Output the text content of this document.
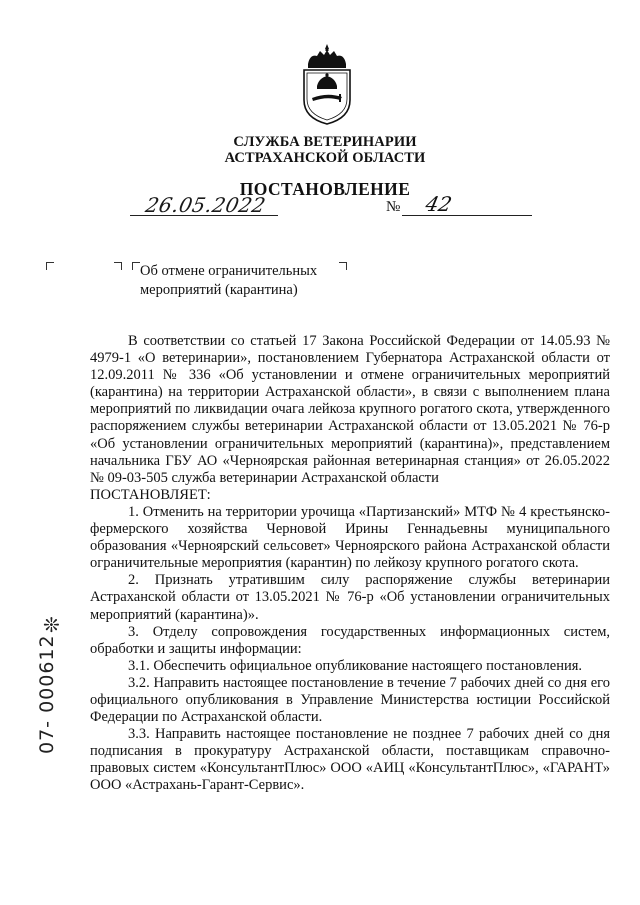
СЛУЖБА ВЕТЕРИНАРИИ
АСТРАХАНСКОЙ ОБЛАСТИ
ПОСТАНОВЛЕНИЕ
26.05.2022	№ 42
Об отмене ограничительных
мероприятий (карантина)

В соответствии со статьей 17 Закона Российской Федерации от 14.05.93 № 4979-1 «О ветеринарии», постановлением Губернатора Астраханской области от 12.09.2011 № 336 «Об установлении и отмене ограничительных мероприятий (карантина) на территории Астраханской области», в связи с выполнением плана мероприятий по ликвидации очага лейкоза крупного рогатого скота, утвержденного распоряжением службы ветеринарии Астраханской области от 13.05.2021 № 76-р «Об установлении ограничительных мероприятий (карантина)», представлением начальника ГБУ АО «Черноярская районная ветеринарная станция» от 26.05.2022 № 09-03-505 служба ветеринарии Астраханской области

ПОСТАНОВЛЯЕТ:

1. Отменить на территории урочища «Партизанский» МТФ № 4 крестьянско-фермерского хозяйства Черновой Ирины Геннадьевны муниципального образования «Черноярский сельсовет» Черноярского района Астраханской области ограничительные мероприятия (карантин) по лейкозу крупного рогатого скота.

2. Признать утратившим силу распоряжение службы ветеринарии Астраханской области от 13.05.2021 № 76-р «Об установлении ограничительных мероприятий (карантина)».

3. Отделу сопровождения государственных информационных систем, обработки и защиты информации:

3.1. Обеспечить официальное опубликование настоящего постановления.

3.2. Направить настоящее постановление в течение 7 рабочих дней со дня его официального опубликования в Управление Министерства юстиции Российской Федерации по Астраханской области.

3.3. Направить настоящее постановление не позднее 7 рабочих дней со дня подписания в прокуратуру Астраханской области, поставщикам справочно-правовых систем «КонсультантПлюс» ООО «АИЦ «КонсультантПлюс», «ГАРАНТ» ООО «Астрахань-Гарант-Сервис».

❊
07- 000612
